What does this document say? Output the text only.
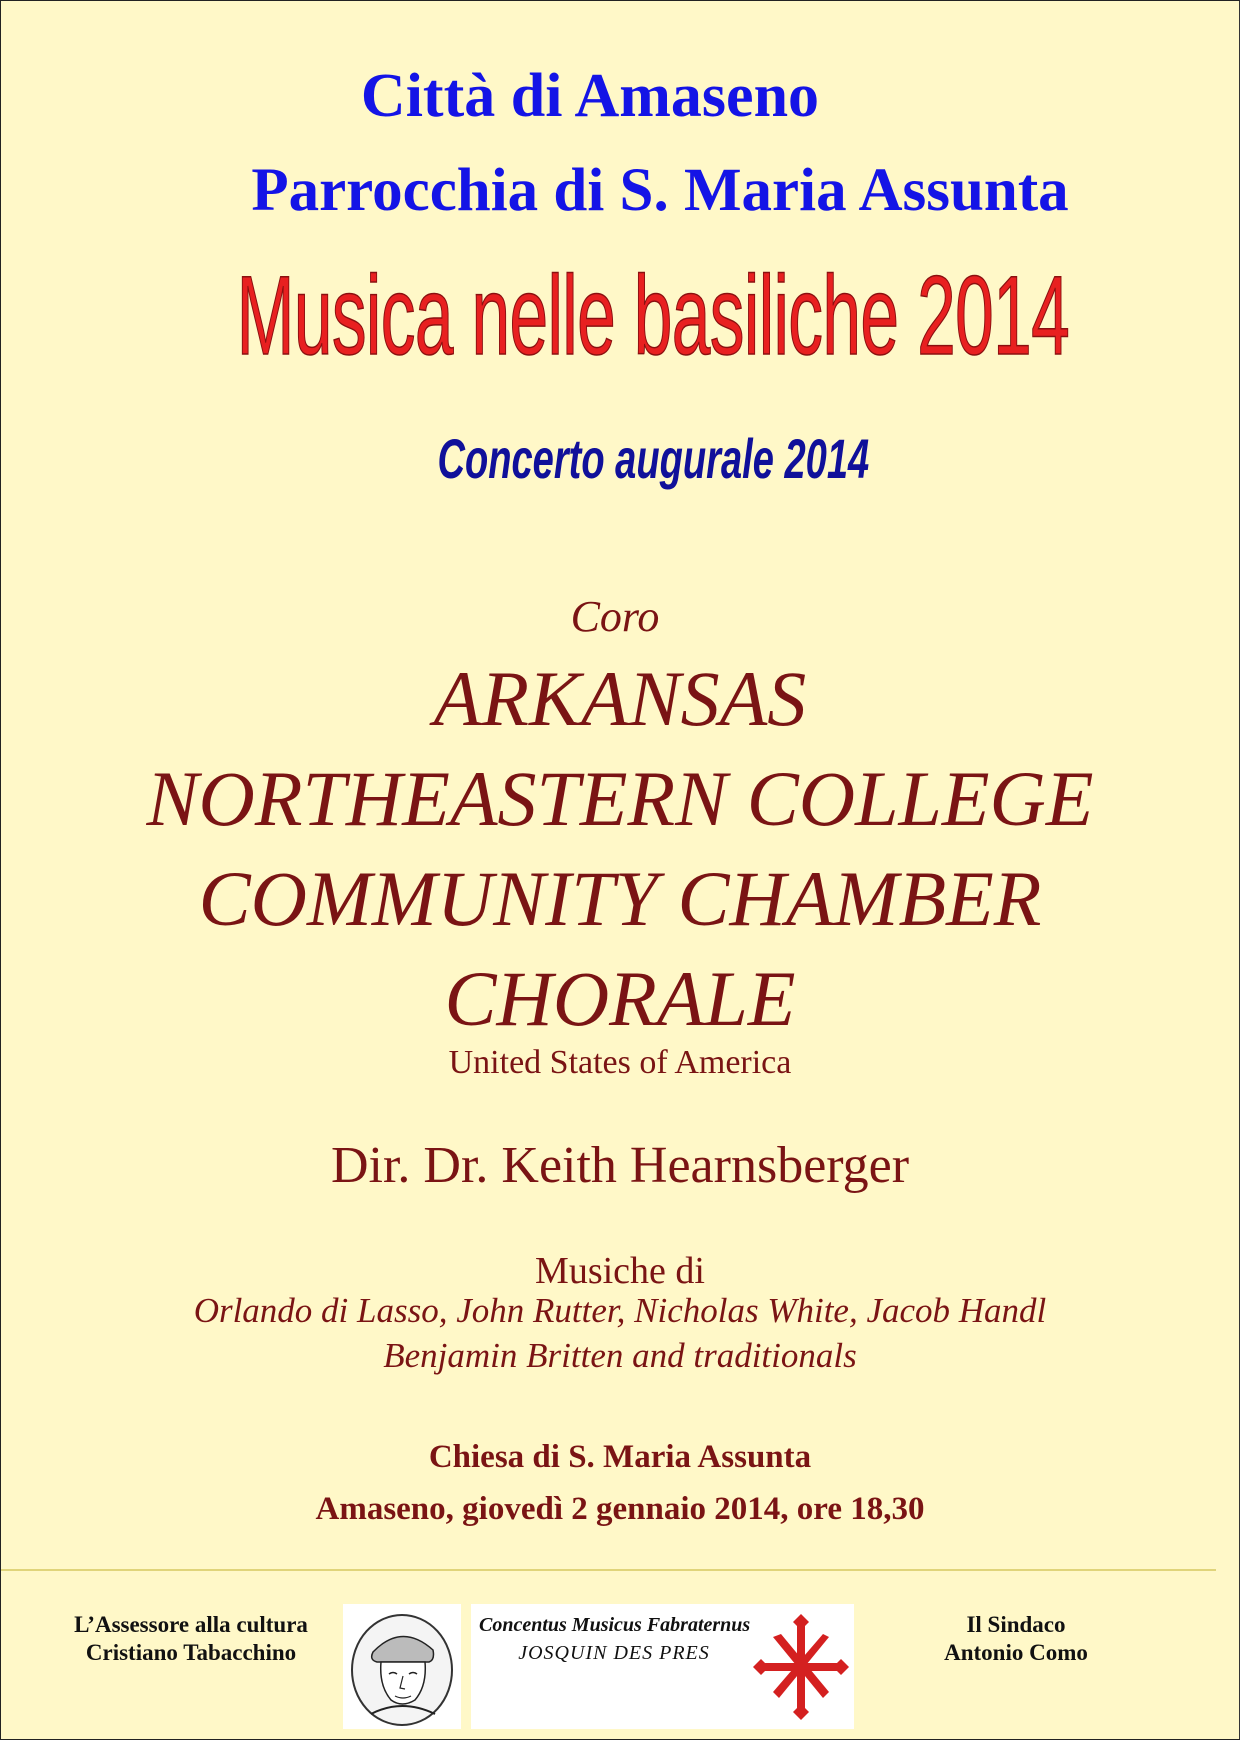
Città di Amaseno
Parrocchia di S. Maria Assunta
Musica nelle basiliche 2014
Concerto augurale 2014
Coro
ARKANSAS
NORTHEASTERN COLLEGE
COMMUNITY CHAMBER
CHORALE
United States of America
Dir. Dr. Keith Hearnsberger
Musiche di
Orlando di Lasso, John Rutter, Nicholas White, Jacob Handl
Benjamin Britten and traditionals
Chiesa di S. Maria Assunta
Amaseno, giovedì 2 gennaio 2014, ore 18,30
L’Assessore alla cultura
Cristiano Tabacchino
Concentus Musicus Fabraternus
JOSQUIN DES PRES
Il Sindaco
Antonio Como
